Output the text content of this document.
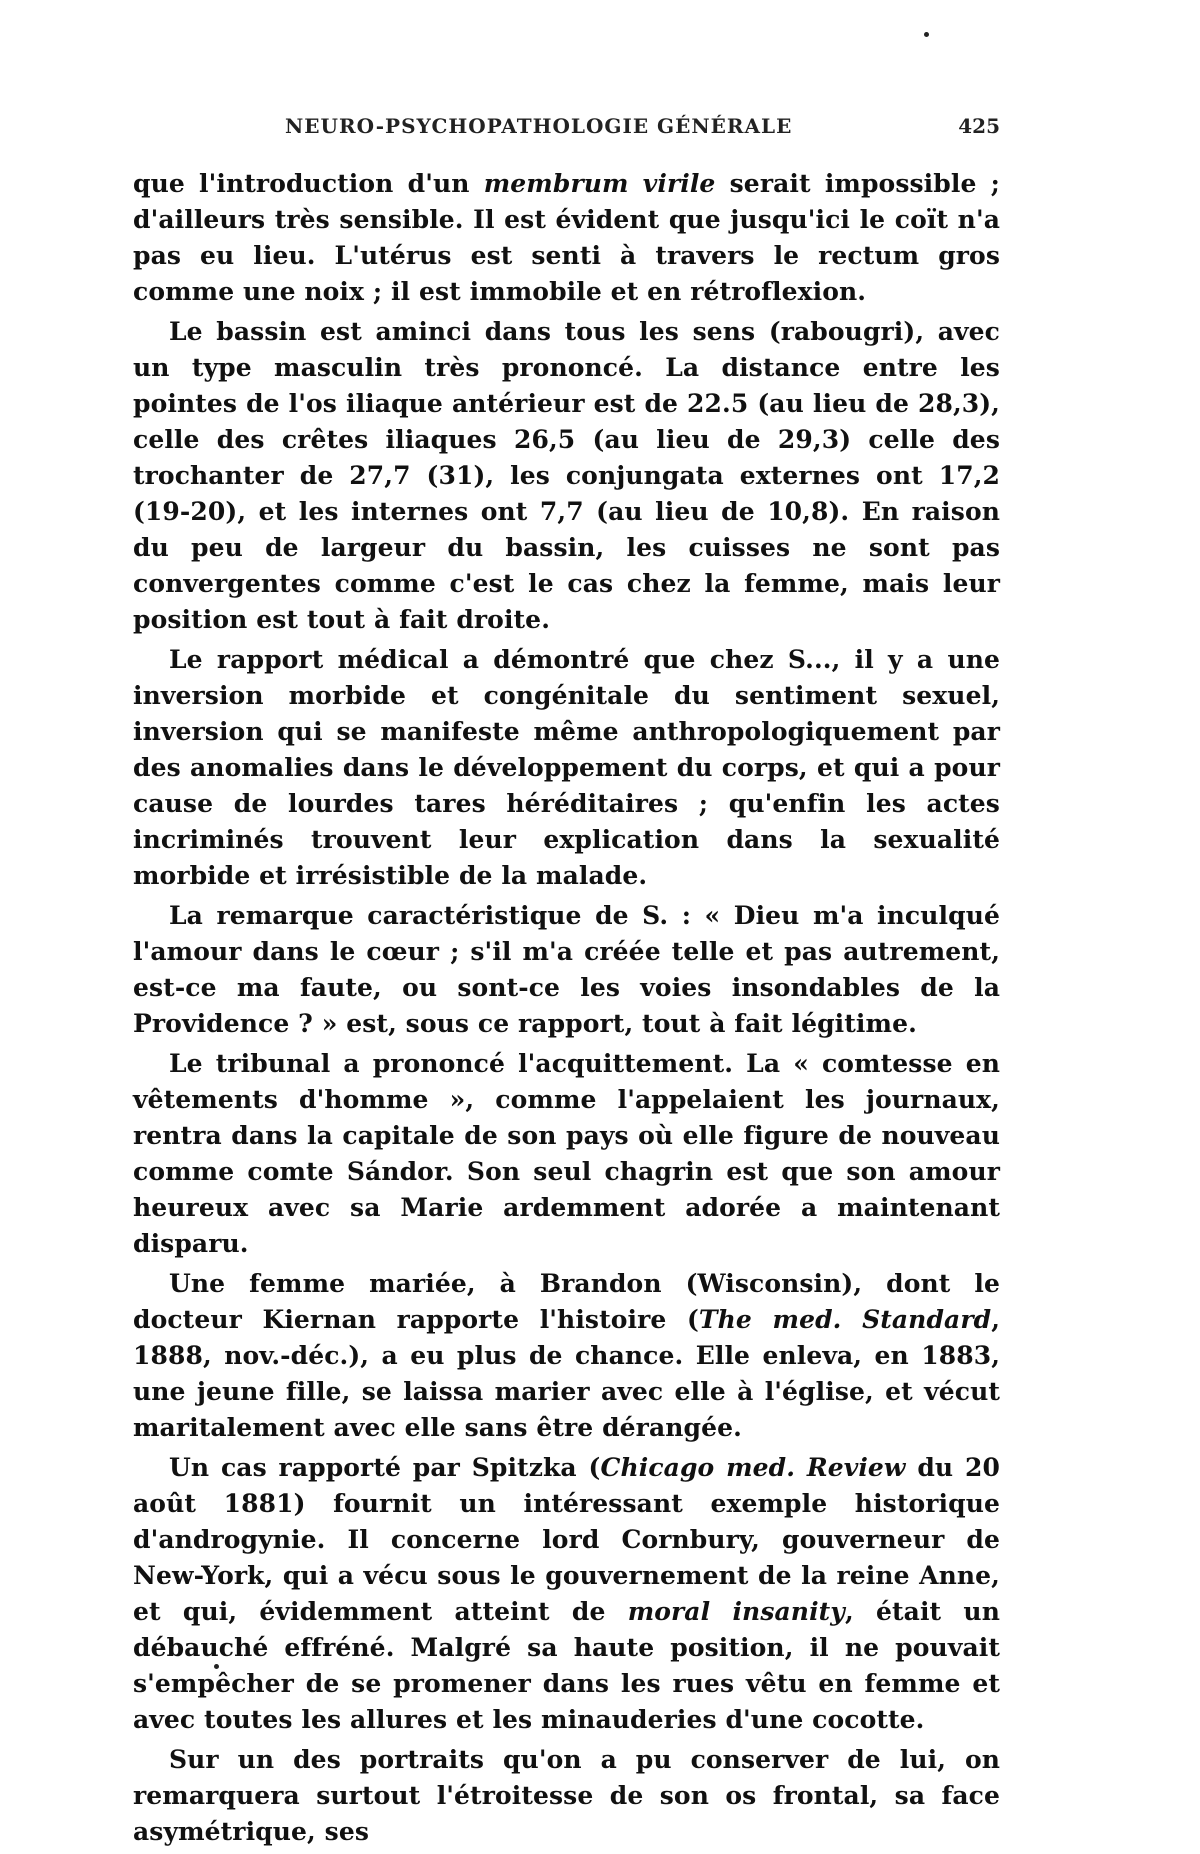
NEURO-PSYCHOPATHOLOGIE GÉNÉRALE	425

que l'introduction d'un membrum virile serait impossible ; d'ailleurs très sensible. Il est évident que jusqu'ici le coït n'a pas eu lieu. L'utérus est senti à travers le rectum gros comme une noix ; il est immobile et en rétroflexion.

Le bassin est aminci dans tous les sens (rabougri), avec un type masculin très prononcé. La distance entre les pointes de l'os iliaque antérieur est de 22.5 (au lieu de 28,3), celle des crêtes iliaques 26,5 (au lieu de 29,3) celle des trochanter de 27,7 (31), les conjungata externes ont 17,2 (19-20), et les internes ont 7,7 (au lieu de 10,8). En raison du peu de largeur du bassin, les cuisses ne sont pas convergentes comme c'est le cas chez la femme, mais leur position est tout à fait droite.

Le rapport médical a démontré que chez S..., il y a une inversion morbide et congénitale du sentiment sexuel, inversion qui se manifeste même anthropologiquement par des anomalies dans le développement du corps, et qui a pour cause de lourdes tares héréditaires ; qu'enfin les actes incriminés trouvent leur explication dans la sexualité morbide et irrésistible de la malade.

La remarque caractéristique de S. : « Dieu m'a inculqué l'amour dans le cœur ; s'il m'a créée telle et pas autrement, est-ce ma faute, ou sont-ce les voies insondables de la Providence ? » est, sous ce rapport, tout à fait légitime.

Le tribunal a prononcé l'acquittement. La « comtesse en vêtements d'homme », comme l'appelaient les journaux, rentra dans la capitale de son pays où elle figure de nouveau comme comte Sándor. Son seul chagrin est que son amour heureux avec sa Marie ardemment adorée a maintenant disparu.

Une femme mariée, à Brandon (Wisconsin), dont le docteur Kiernan rapporte l'histoire (The med. Standard, 1888, nov.-déc.), a eu plus de chance. Elle enleva, en 1883, une jeune fille, se laissa marier avec elle à l'église, et vécut maritalement avec elle sans être dérangée.

Un cas rapporté par Spitzka (Chicago med. Review du 20 août 1881) fournit un intéressant exemple historique d'androgynie. Il concerne lord Cornbury, gouverneur de New-York, qui a vécu sous le gouvernement de la reine Anne, et qui, évidemment atteint de moral insanity, était un débauché effréné. Malgré sa haute position, il ne pouvait s'empêcher de se promener dans les rues vêtu en femme et avec toutes les allures et les minauderies d'une cocotte.

Sur un des portraits qu'on a pu conserver de lui, on remarquera surtout l'étroitesse de son os frontal, sa face asymétrique, ses
